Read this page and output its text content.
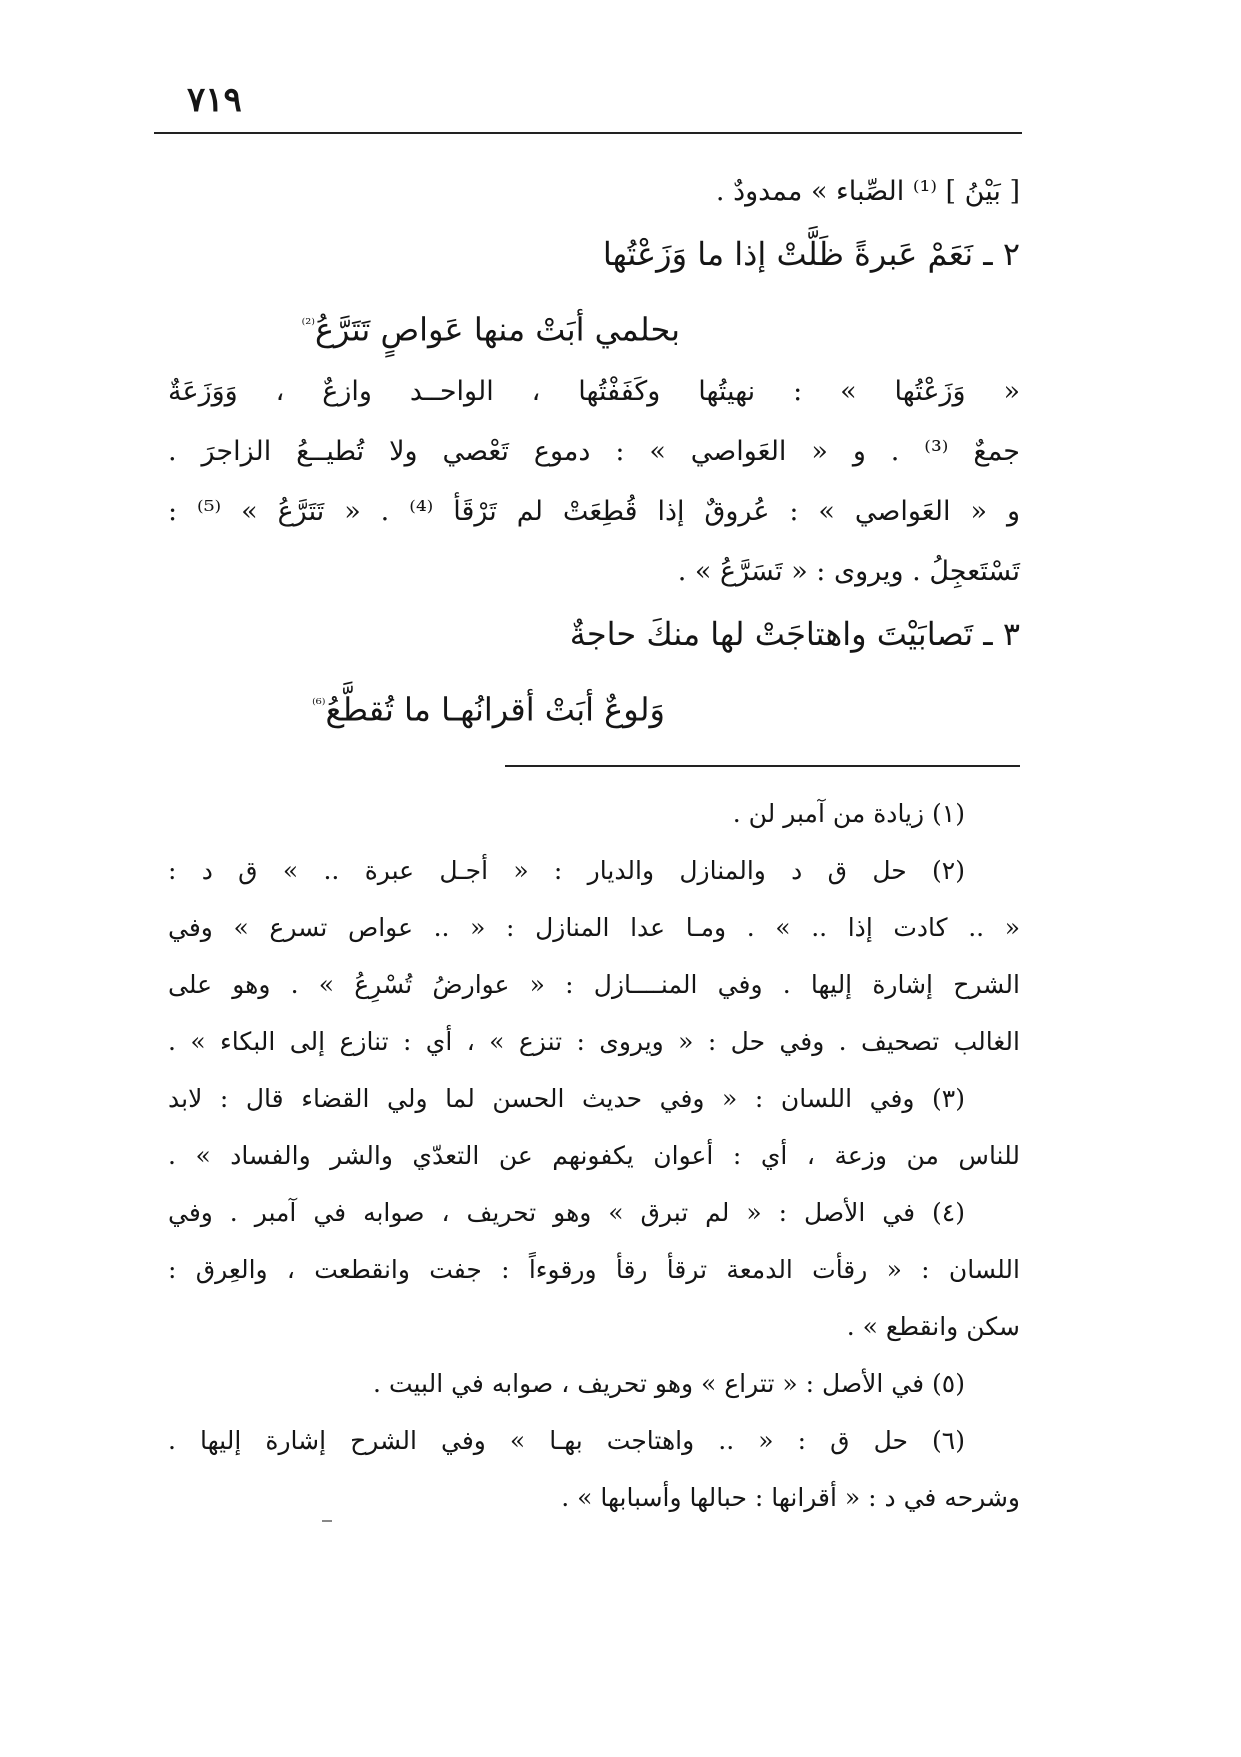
٧١٩
[ بَيْنُ ] ⁽¹⁾ الصِّباء » ممدودٌ .
٢ ـ نَعَمْ عَبرةً ظَلَّتْ إذا ما وَزَعْتُها
بحلمي أبَتْ منها عَواصٍ تَتَرَّعُ$^{^{(2)}}$
« وَزَعْتُها » : نهيتُها وكَفَفْتُها ، الواحــد وازعٌ ، وَوَزَعَةٌ
جمعٌ ⁽³⁾ . و « العَواصي » : دموع تَعْصي ولا تُطيــعُ الزاجرَ .
و « العَواصي » : عُروقٌ إذا قُطِعَتْ لم تَرْقَأ ⁽⁴⁾ . « تَتَرَّعُ » ⁽⁵⁾ :
تَسْتَعجِلُ . ويروى : « تَسَرَّعُ » .
٣ ـ تَصابَيْتَ واهتاجَتْ لها منكَ حاجةٌ
وَلوعٌ أبَتْ أقرانُهـا ما تُقطَّعُ$^{^{(6)}}$
(١) زيادة من آمبر لن .
(٢) حل ق د والمنازل والديار : « أجـل عبرة .. » ق د :
« .. كادت إذا .. » . ومـا عدا المنازل : « .. عواص تسرع » وفي
الشرح إشارة إليها . وفي المنــــازل : « عوارضُ تُسْرِعُ » . وهو على
الغالب تصحيف . وفي حل : « ويروى : تنزع » ، أي : تنازع إلى البكاء » .
(٣) وفي اللسان : « وفي حديث الحسن لما ولي القضاء قال : لابد
للناس من وزعة ، أي : أعوان يكفونهم عن التعدّي والشر والفساد » .
(٤) في الأصل : « لم تبرق » وهو تحريف ، صوابه في آمبر . وفي
اللسان : « رقأت الدمعة ترقأ رقأ ورقوءاً : جفت وانقطعت ، والعِرق :
سكن وانقطع » .
(٥) في الأصل : « تتراع » وهو تحريف ، صوابه في البيت .
(٦) حل ق : « .. واهتاجت بهـا » وفي الشرح إشارة إليها .
وشرحه في د : « أقرانها : حبالها وأسبابها » .
